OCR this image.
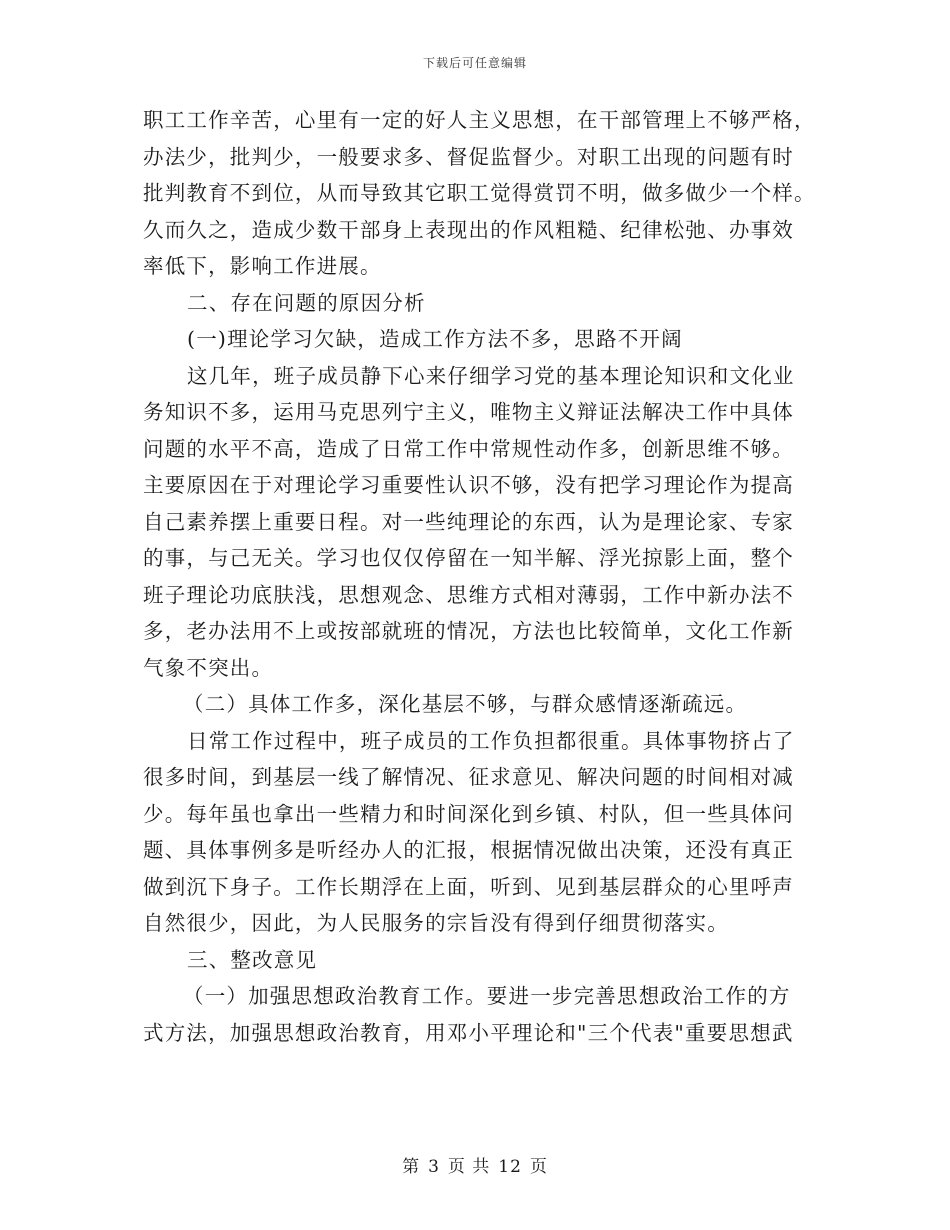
下载后可任意编辑
职工工作辛苦，心里有一定的好人主义思想，在干部管理上不够严格，
办法少，批判少，一般要求多、督促监督少。对职工出现的问题有时
批判教育不到位，从而导致其它职工觉得赏罚不明，做多做少一个样。
久而久之，造成少数干部身上表现出的作风粗糙、纪律松弛、办事效
率低下，影响工作进展。
二、存在问题的原因分析
(一)理论学习欠缺，造成工作方法不多，思路不开阔
这几年，班子成员静下心来仔细学习党的基本理论知识和文化业
务知识不多，运用马克思列宁主义，唯物主义辩证法解决工作中具体
问题的水平不高，造成了日常工作中常规性动作多，创新思维不够。
主要原因在于对理论学习重要性认识不够，没有把学习理论作为提高
自己素养摆上重要日程。对一些纯理论的东西，认为是理论家、专家
的事，与己无关。学习也仅仅停留在一知半解、浮光掠影上面，整个
班子理论功底肤浅，思想观念、思维方式相对薄弱，工作中新办法不
多，老办法用不上或按部就班的情况，方法也比较简单，文化工作新
气象不突出。
（二）具体工作多，深化基层不够，与群众感情逐渐疏远。
日常工作过程中，班子成员的工作负担都很重。具体事物挤占了
很多时间，到基层一线了解情况、征求意见、解决问题的时间相对减
少。每年虽也拿出一些精力和时间深化到乡镇、村队，但一些具体问
题、具体事例多是听经办人的汇报，根据情况做出决策，还没有真正
做到沉下身子。工作长期浮在上面，听到、见到基层群众的心里呼声
自然很少，因此，为人民服务的宗旨没有得到仔细贯彻落实。
三、整改意见
（一）加强思想政治教育工作。要进一步完善思想政治工作的方
式方法，加强思想政治教育，用邓小平理论和"三个代表"重要思想武
第 3 页 共 12 页
